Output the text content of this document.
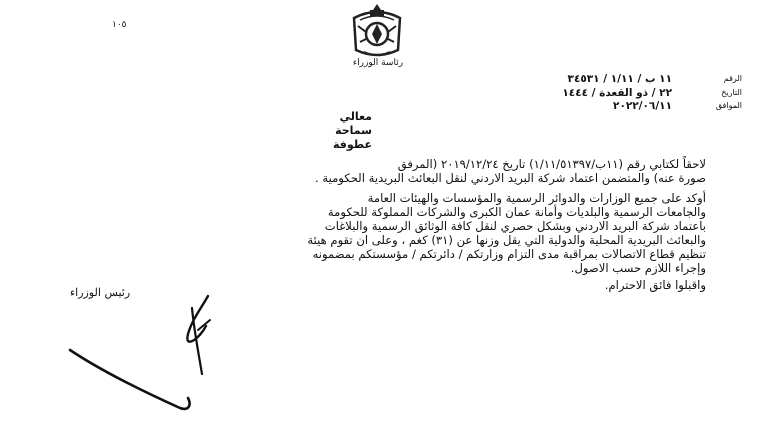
رئاسة الوزراء
١٠٥
الرقم
١١ ب / ١/١١ / ٣٤٥٣١
التاريخ
٢٢ / ذو القعدة / ١٤٤٤
الموافق
٢٠٢٢/٠٦/١١
معالي
سماحة
عطوفة
لاحقاً لكتابي رقم (١١ب/١/١١/٥١٣٩٧) تاريخ ٢٠١٩/١٢/٢٤ (المرفق
صورة عنه) والمتضمن اعتماد شركة البريد الاردني لنقل البعائث البريدية الحكومية .
أوكد على جميع الوزارات والدوائر الرسمية والمؤسسات والهيئات العامة
والجامعات الرسمية والبلديات وأمانة عمان الكبرى والشركات المملوكة للحكومة
باعتماد شركة البريد الاردني وبشكل حصري لنقل كافة الوثائق الرسمية والبلاغات
والبعائث البريدية المحلية والدولية التي يقل وزنها عن (٣١) كغم ، وعلى ان تقوم هيئة
تنظيم قطاع الاتصالات بمراقبة مدى التزام وزارتكم / دائرتكم / مؤسستكم بمضمونه
وإجراء اللازم حسب الاصول.
واقبلوا فائق الاحترام.
رئيس الوزراء
